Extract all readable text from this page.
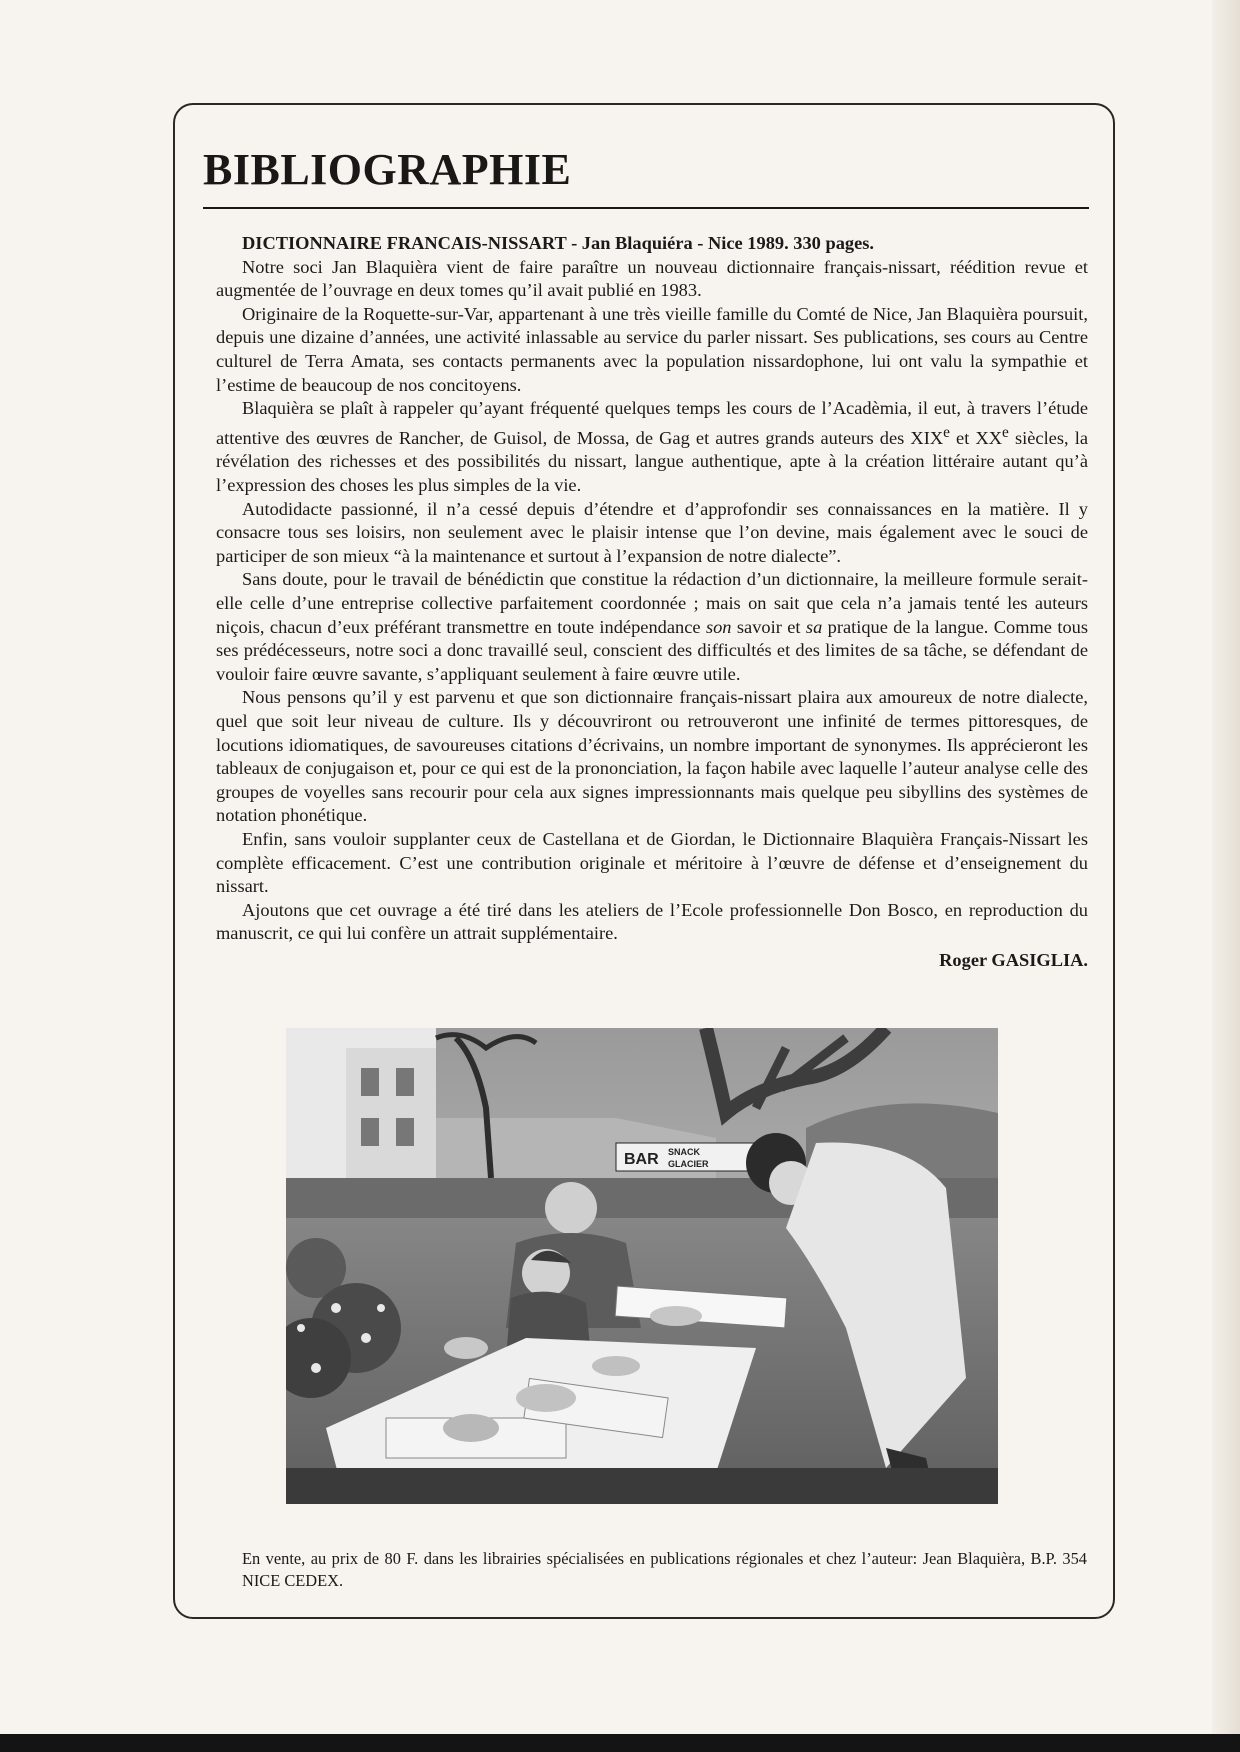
BIBLIOGRAPHIE

DICTIONNAIRE FRANCAIS-NISSART - Jan Blaquiéra - Nice 1989. 330 pages.

Notre soci Jan Blaquièra vient de faire paraître un nouveau dictionnaire français-nissart, réédition revue et augmentée de l’ouvrage en deux tomes qu’il avait publié en 1983.

Originaire de la Roquette-sur-Var, appartenant à une très vieille famille du Comté de Nice, Jan Blaquièra poursuit, depuis une dizaine d’années, une activité inlassable au service du parler nissart. Ses publications, ses cours au Centre culturel de Terra Amata, ses contacts permanents avec la population nissardophone, lui ont valu la sympathie et l’estime de beaucoup de nos concitoyens.

Blaquièra se plaît à rappeler qu’ayant fréquenté quelques temps les cours de l’Acadèmia, il eut, à travers l’étude attentive des œuvres de Rancher, de Guisol, de Mossa, de Gag et autres grands auteurs des XIXe et XXe siècles, la révélation des richesses et des possibilités du nissart, langue authentique, apte à la création littéraire autant qu’à l’expression des choses les plus simples de la vie.

Autodidacte passionné, il n’a cessé depuis d’étendre et d’approfondir ses connaissances en la matière. Il y consacre tous ses loisirs, non seulement avec le plaisir intense que l’on devine, mais également avec le souci de participer de son mieux “à la maintenance et surtout à l’expansion de notre dialecte”.

Sans doute, pour le travail de bénédictin que constitue la rédaction d’un dictionnaire, la meilleure formule serait-elle celle d’une entreprise collective parfaitement coordonnée ; mais on sait que cela n’a jamais tenté les auteurs niçois, chacun d’eux préférant transmettre en toute indépendance son savoir et sa pratique de la langue. Comme tous ses prédécesseurs, notre soci a donc travaillé seul, conscient des difficultés et des limites de sa tâche, se défendant de vouloir faire œuvre savante, s’appliquant seulement à faire œuvre utile.

Nous pensons qu’il y est parvenu et que son dictionnaire français-nissart plaira aux amoureux de notre dialecte, quel que soit leur niveau de culture. Ils y découvriront ou retrouveront une infinité de termes pittoresques, de locutions idiomatiques, de savoureuses citations d’écrivains, un nombre important de synonymes. Ils apprécieront les tableaux de conjugaison et, pour ce qui est de la prononciation, la façon habile avec laquelle l’auteur analyse celle des groupes de voyelles sans recourir pour cela aux signes impressionnants mais quelque peu sibyllins des systèmes de notation phonétique.

Enfin, sans vouloir supplanter ceux de Castellana et de Giordan, le Dictionnaire Blaquièra Français-Nissart les complète efficacement. C’est une contribution originale et méritoire à l’œuvre de défense et d’enseignement du nissart.

Ajoutons que cet ouvrage a été tiré dans les ateliers de l’Ecole professionnelle Don Bosco, en reproduction du manuscrit, ce qui lui confère un attrait supplémentaire.

Roger GASIGLIA.

BAR SNACK
GLACIER

En vente, au prix de 80 F. dans les librairies spécialisées en publications régionales et chez l’auteur: Jean Blaquièra, B.P. 354 NICE CEDEX.
